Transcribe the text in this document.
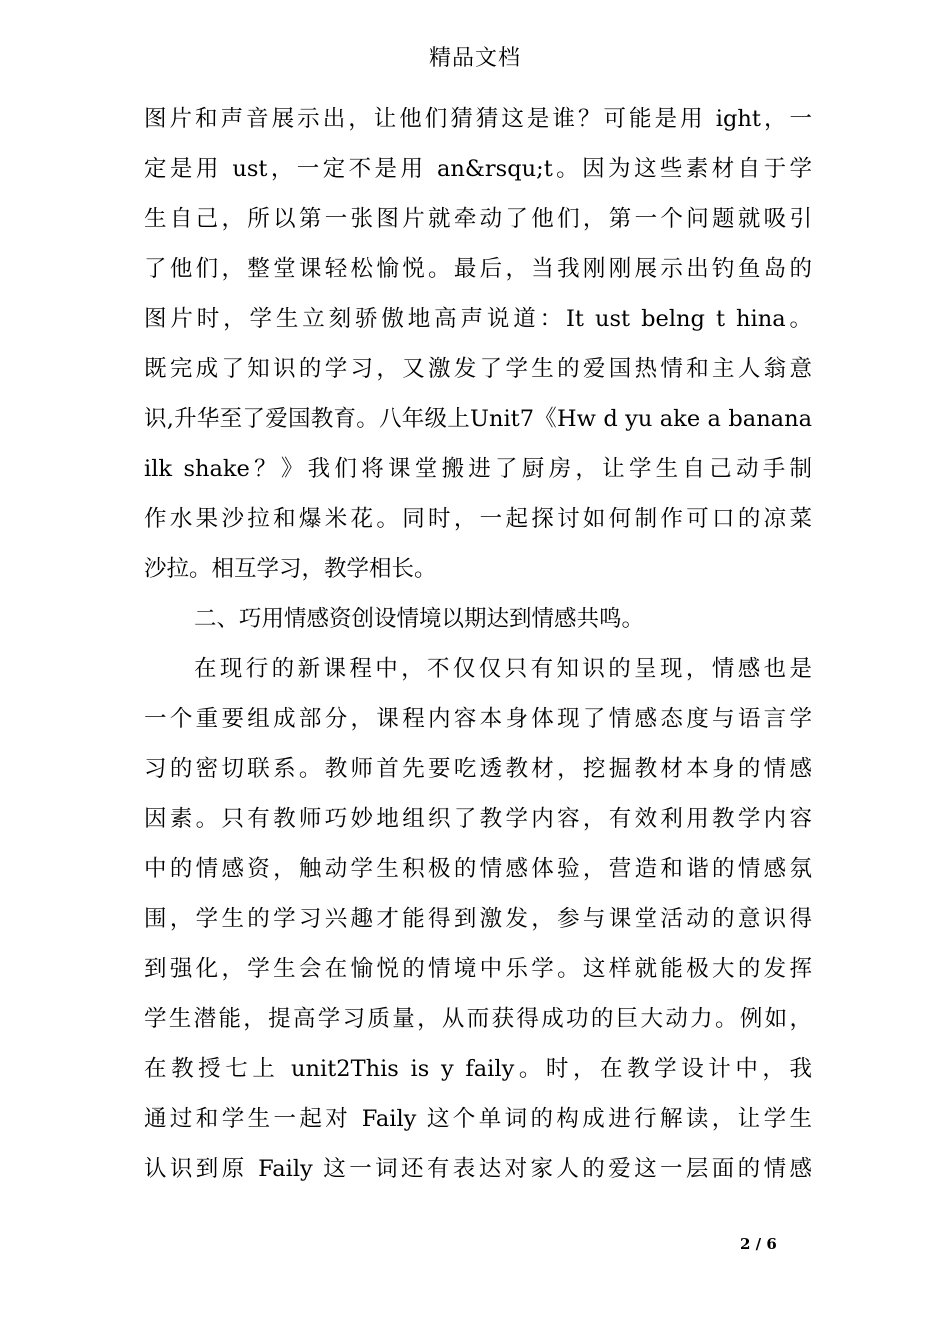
精品文档
图片和声音展示出，让他们猜猜这是谁？可能是用 ight，一
定是用 ust，一定不是用 an&rsqu;t。因为这些素材自于学
生自己，所以第一张图片就牵动了他们，第一个问题就吸引
了他们，整堂课轻松愉悦。最后，当我刚刚展示出钓鱼岛的
图片时，学生立刻骄傲地高声说道：It ust belng t hina。
既完成了知识的学习，又激发了学生的爱国热情和主人翁意
识,升华至了爱国教育。八年级上Unit7《Hw d yu ake a banana
ilk shake？》我们将课堂搬进了厨房，让学生自己动手制
作水果沙拉和爆米花。同时，一起探讨如何制作可口的凉菜
沙拉。相互学习，教学相长。
二、巧用情感资创设情境以期达到情感共鸣。
在现行的新课程中，不仅仅只有知识的呈现，情感也是
一个重要组成部分，课程内容本身体现了情感态度与语言学
习的密切联系。教师首先要吃透教材，挖掘教材本身的情感
因素。只有教师巧妙地组织了教学内容，有效利用教学内容
中的情感资，触动学生积极的情感体验，营造和谐的情感氛
围，学生的学习兴趣才能得到激发，参与课堂活动的意识得
到强化，学生会在愉悦的情境中乐学。这样就能极大的发挥
学生潜能，提高学习质量，从而获得成功的巨大动力。例如，
在教授七上 unit2This is y faily。时，在教学设计中，我
通过和学生一起对 Faily 这个单词的构成进行解读，让学生
认识到原 Faily 这一词还有表达对家人的爱这一层面的情感
2 / 6
